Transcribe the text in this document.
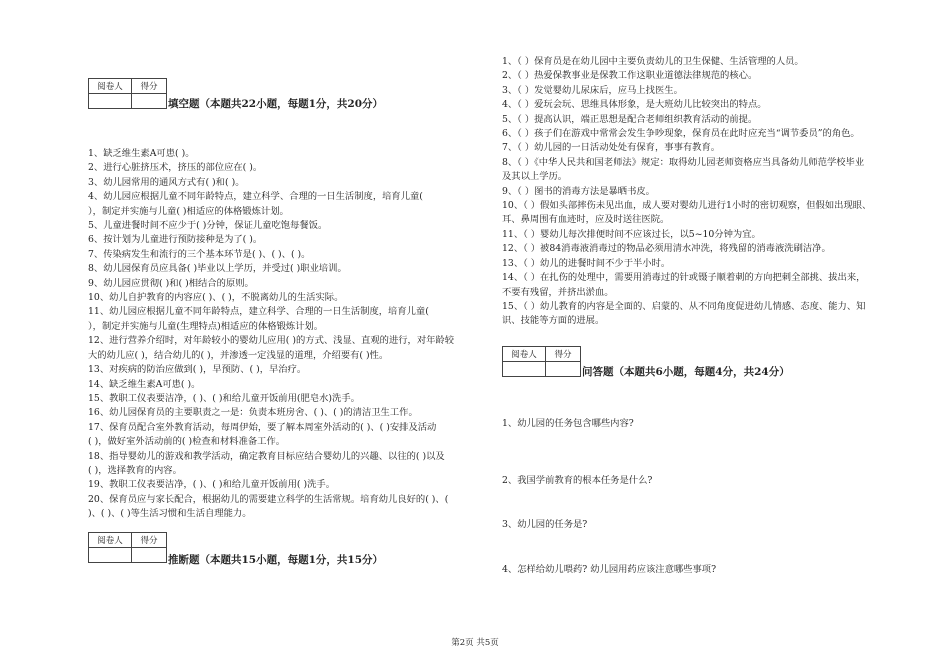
阅卷人	得分

填空题（本题共22小题，每题1分，共20分）

1、缺乏维生素A可患( )。

2、进行心脏挤压术，挤压的部位应在( )。

3、幼儿园常用的通风方式有( )和( )。

4、幼儿园应根据儿童不同年龄特点，建立科学、合理的一日生活制度，培育儿童(

），制定并实施与儿童( )相适应的体格锻炼计划。

5、儿童进餐时间不应少于( )分钟，保证儿童吃饱每餐饭。

6、按计划为儿童进行预防接种是为了( )。

7、传染病发生和流行的三个基本环节是( )、( )、( )。

8、幼儿园保育员应具备( )毕业以上学历，并受过( )职业培训。

9、幼儿园应贯彻( )和( )相结合的原则。

10、幼儿自护教育的内容应( )、( )，不脱离幼儿的生活实际。

11、幼儿园应根据儿童不同年龄特点，建立科学、合理的一日生活制度，培育儿童(

），制定并实施与儿童(生理特点)相适应的体格锻炼计划。

12、进行营养介绍时，对年龄较小的婴幼儿应用( )的方式、浅显、直观的进行，对年龄较

大的幼儿应( )，结合幼儿的( )，并渗透一定浅显的道理，介绍要有( )性。

13、对疾病的防治应做到( )，早预防、( )，早治疗。

14、缺乏维生素A可患( )。

15、教职工仪表要洁净，( )、( )和给儿童开饭前用(肥皂水)洗手。

16、幼儿园保育员的主要职责之一是：负责本班房舍、( )、( )的清洁卫生工作。

17、保育员配合室外教育活动，每周伊始，要了解本周室外活动的( )、( )安排及活动

( )，做好室外活动前的( )检查和材料准备工作。

18、指导婴幼儿的游戏和教学活动，确定教育目标应结合婴幼儿的兴趣、以往的( )以及

( )，选择教育的内容。

19、教职工仪表要洁净，( )、( )和给儿童开饭前用( )洗手。

20、保育员应与家长配合，根据幼儿的需要建立科学的生活常规。培育幼儿良好的( )、(

)、( )、( )等生活习惯和生活自理能力。

阅卷人	得分

推断题（本题共15小题，每题1分，共15分）

1、（ ）保育员是在幼儿园中主要负责幼儿的卫生保健、生活管理的人员。

2、（ ）热爱保教事业是保教工作这职业道德法律规范的核心。

3、（ ）发觉婴幼儿尿床后，应马上找医生。

4、（ ）爱玩会玩、思维具体形象，是大班幼儿比较突出的特点。

5、（ ）提高认识，端正思想是配合老师组织教育活动的前提。

6、（ ）孩子们在游戏中常常会发生争吵现象，保育员在此时应充当“调节委员”的角色。

7、（ ）幼儿园的一日活动处处有保育，事事有教育。

8、（ ）《中华人民共和国老师法》规定：取得幼儿园老师资格应当具备幼儿师范学校毕业

及其以上学历。

9、（ ）图书的消毒方法是暴晒书皮。

10、（ ）假如头部摔伤未见出血，成人要对婴幼儿进行1小时的密切观察，但假如出现眼、

耳、鼻周围有血迹时，应及时送往医院。

11、（ ）婴幼儿每次排便时间不应该过长，以5~10分钟为宜。

12、（ ）被84消毒液消毒过的物品必须用清水冲洗，将残留的消毒液洗刷洁净。

13、（ ）幼儿的进餐时间不少于半小时。

14、（ ）在扎伤的处理中，需要用消毒过的针或镊子顺着刺的方向把刺全部挑、拔出来，

不要有残留，并挤出淤血。

15、（ ）幼儿教育的内容是全面的、启蒙的、从不同角度促进幼儿情感、态度、能力、知

识、技能等方面的进展。

阅卷人	得分

问答题（本题共6小题，每题4分，共24分）
1、幼儿园的任务包含哪些内容?
2、我国学前教育的根本任务是什么?
3、幼儿园的任务是?
4、怎样给幼儿喂药? 幼儿园用药应该注意哪些事项?
第2页 共5页
